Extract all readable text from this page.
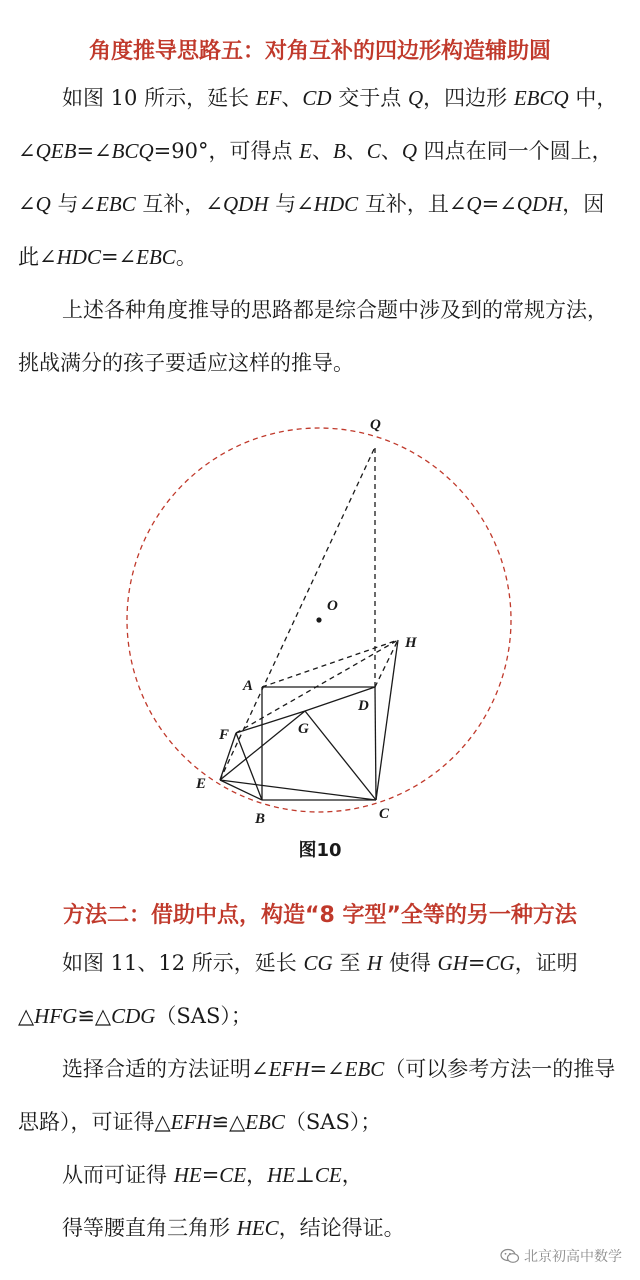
角度推导思路五：对角互补的四边形构造辅助圆

如图 10 所示，延长 EF、CD 交于点 Q，四边形 EBCQ 中，∠QEB=∠BCQ=90°，可得点 E、B、C、Q 四点在同一个圆上，∠Q 与∠EBC 互补，∠QDH 与∠HDC 互补，且∠Q=∠QDH，因此∠HDC=∠EBC。

上述各种角度推导的思路都是综合题中涉及到的常规方法，挑战满分的孩子要适应这样的推导。

Q
O
H
A
D
G
F
E
B	C
图10
方法二：借助中点，构造“8 字型”全等的另一种方法

如图 11、12 所示，延长 CG 至 H 使得 GH=CG，证明△HFG≌△CDG（SAS）；

选择合适的方法证明∠EFH=∠EBC（可以参考方法一的推导思路），可证得△EFH≌△EBC（SAS）；

从而可证得 HE=CE，HE⊥CE，

得等腰直角三角形 HEC，结论得证。

北京初高中数学
